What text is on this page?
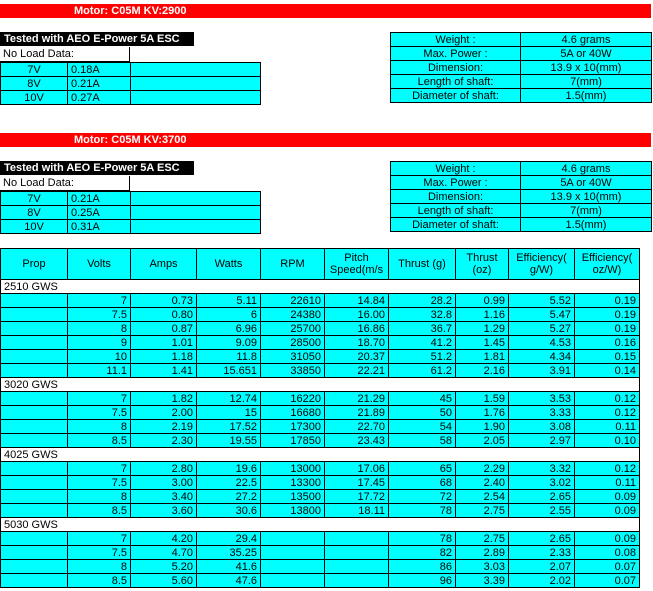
Motor: C05M KV:2900
Tested with AEO E-Power 5A ESC
No Load Data:
7V	0.18A	
8V	0.21A	
10V	0.27A	
Weight :	4.6 grams
Max. Power :	5A or 40W
Dimension:	13.9 x 10(mm)
Length of shaft:	7(mm)
Diameter of shaft:	1.5(mm)
Motor: C05M KV:3700
Tested with AEO E-Power 5A ESC
No Load Data:
7V	0.21A	
8V	0.25A	
10V	0.31A	
Weight :	4.6 grams
Max. Power :	5A or 40W
Dimension:	13.9 x 10(mm)
Length of shaft:	7(mm)
Diameter of shaft:	1.5(mm)
Prop	Volts	Amps	Watts	RPM	Pitch Speed(m/s	Thrust (g)	Thrust (oz)	Efficiency( g/W)	Efficiency( oz/W)
2510 GWS									
	7	0.73	5.11	22610	14.84	28.2	0.99	5.52	0.19
	7.5	0.80	6	24380	16.00	32.8	1.16	5.47	0.19
	8	0.87	6.96	25700	16.86	36.7	1.29	5.27	0.19
	9	1.01	9.09	28500	18.70	41.2	1.45	4.53	0.16
	10	1.18	11.8	31050	20.37	51.2	1.81	4.34	0.15
	11.1	1.41	15.651	33850	22.21	61.2	2.16	3.91	0.14
3020 GWS									
	7	1.82	12.74	16220	21.29	45	1.59	3.53	0.12
	7.5	2.00	15	16680	21.89	50	1.76	3.33	0.12
	8	2.19	17.52	17300	22.70	54	1.90	3.08	0.11
	8.5	2.30	19.55	17850	23.43	58	2.05	2.97	0.10
4025 GWS									
	7	2.80	19.6	13000	17.06	65	2.29	3.32	0.12
	7.5	3.00	22.5	13300	17.45	68	2.40	3.02	0.11
	8	3.40	27.2	13500	17.72	72	2.54	2.65	0.09
	8.5	3.60	30.6	13800	18.11	78	2.75	2.55	0.09
5030 GWS									
	7	4.20	29.4			78	2.75	2.65	0.09
	7.5	4.70	35.25			82	2.89	2.33	0.08
	8	5.20	41.6			86	3.03	2.07	0.07
	8.5	5.60	47.6			96	3.39	2.02	0.07
